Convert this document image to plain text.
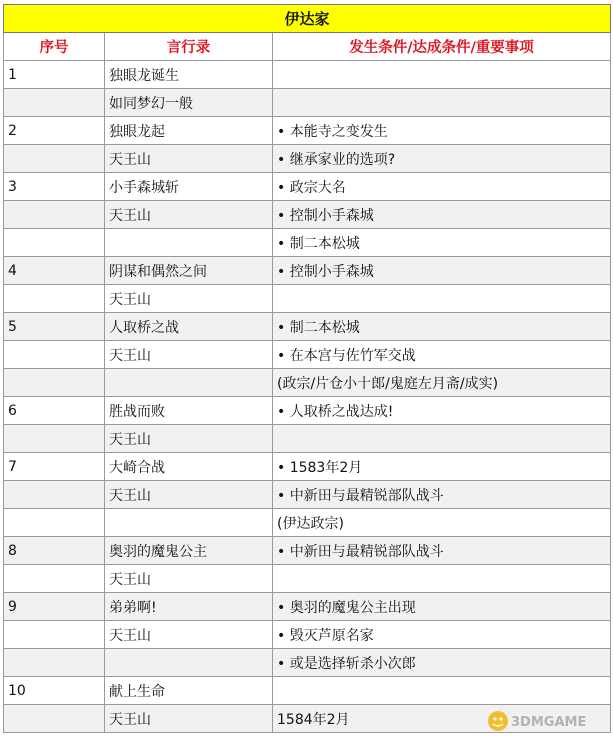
伊达家		
序号	言行录	发生条件/达成条件/重要事项
1	独眼龙诞生	
	如同梦幻一般	
2	独眼龙起	• 本能寺之变发生
	天王山	• 继承家业的选项?
3	小手森城斩	• 政宗大名
	天王山	• 控制小手森城
		• 制二本松城
4	阴谋和偶然之间	• 控制小手森城
	天王山	
5	人取桥之战	• 制二本松城
	天王山	• 在本宫与佐竹军交战
		(政宗/片仓小十郎/鬼庭左月斋/成实)
6	胜战而败	• 人取桥之战达成!
	天王山	
7	大崎合战	• 1583年2月
	天王山	• 中新田与最精锐部队战斗
		(伊达政宗)
8	奥羽的魔鬼公主	• 中新田与最精锐部队战斗
	天王山	
9	弟弟啊!	• 奥羽的魔鬼公主出现
	天王山	• 毁灭芦原名家
		• 或是选择斩杀小次郎
10	献上生命	
	天王山	1584年2月	3DMGAME
